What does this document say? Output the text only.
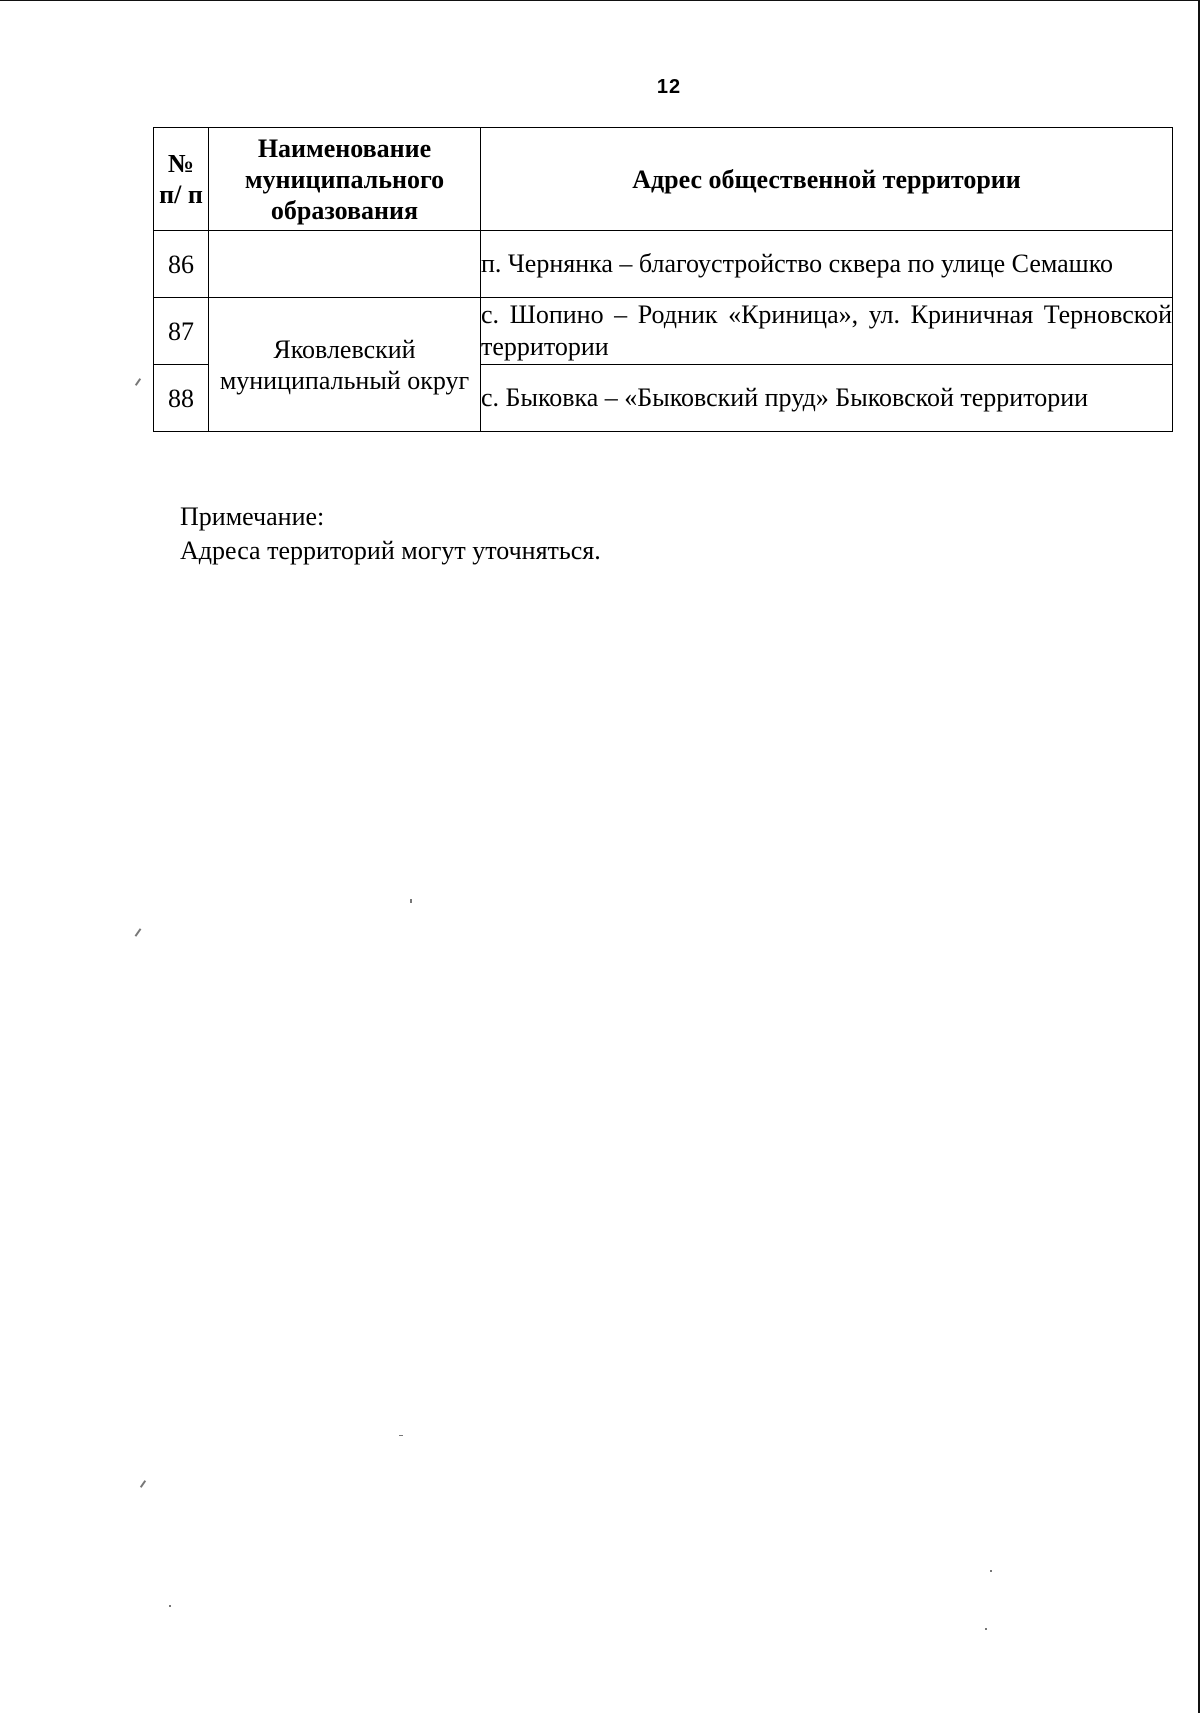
12
№ п/ п	Наименование муниципального образования	Адрес общественной территории
86		п. Чернянка – благоустройство сквера по улице Семашко
87	Яковлевский муниципальный округ	с. Шопино – Родник «Криница», ул. Криничная Терновской территории
88		с. Быковка – «Быковский пруд» Быковской территории
Примечание:
Адреса территорий могут уточняться.
